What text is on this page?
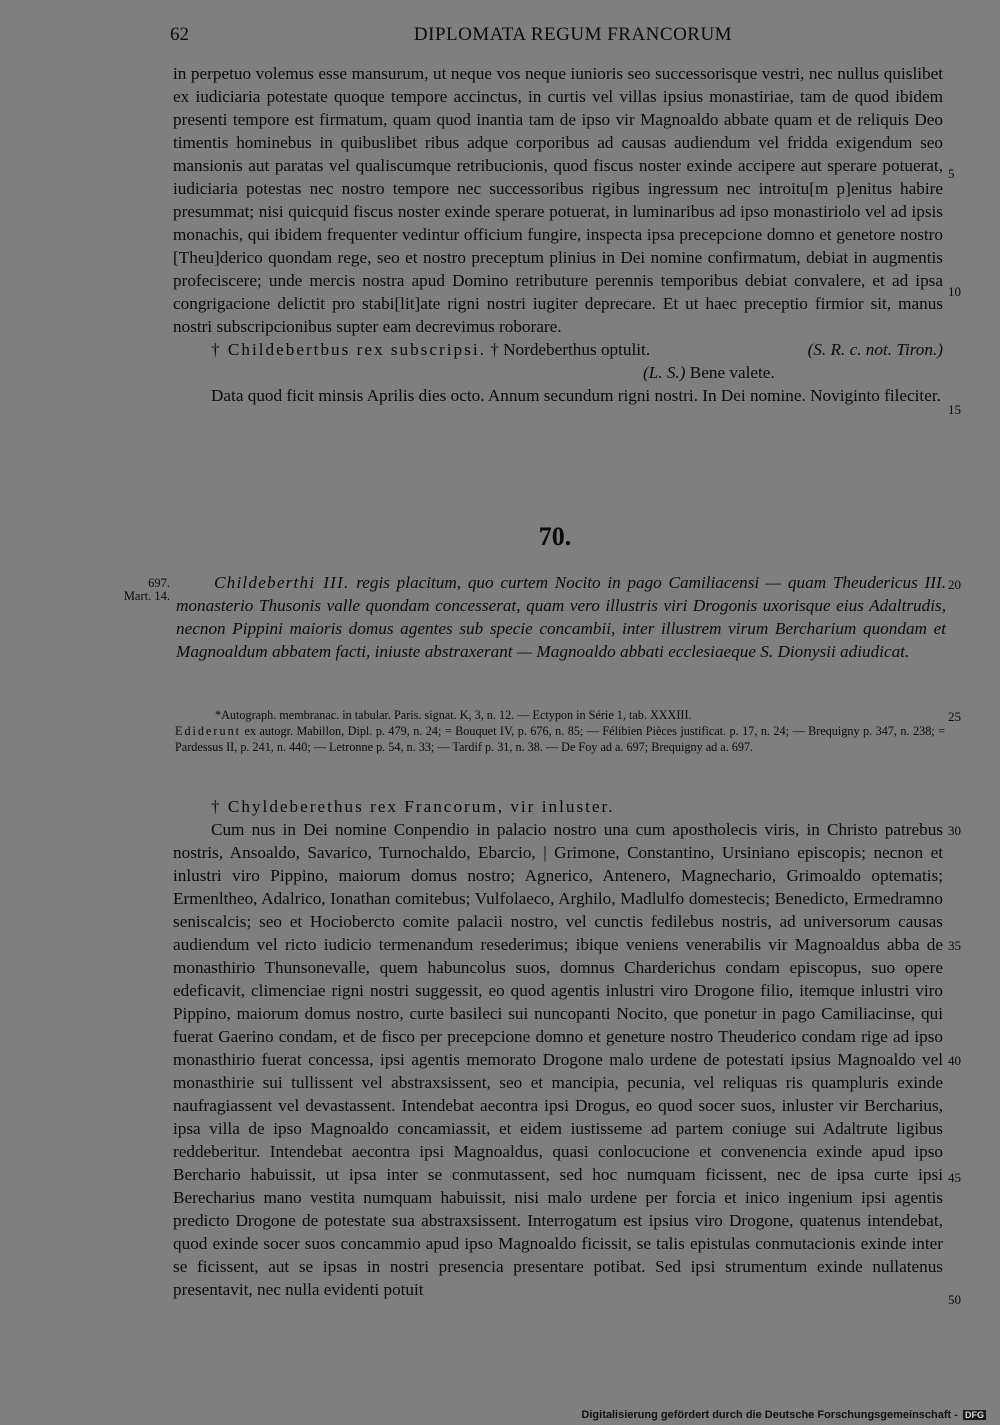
62	DIPLOMATA REGUM FRANCORUM

in perpetuo volemus esse mansurum, ut neque vos neque iunioris seo successorisque vestri, nec nullus quislibet ex iudiciaria potestate quoque tempore accinctus, in curtis vel villas ipsius monastiriae, tam de quod ibidem presenti tempore est firmatum, quam quod inantia tam de ipso vir Magnoaldo abbate quam et de reliquis Deo timentis hominebus in quibuslibet ribus adque corporibus ad causas audiendum vel fridda exigendum seo mansionis aut paratas vel qualiscumque retribucionis, quod fiscus noster exinde accipere aut sperare potuerat, iudiciaria potestas nec nostro tempore nec successoribus rigibus ingressum nec introitu[m p]enitus habire presummat; nisi quicquid fiscus noster exinde sperare potuerat, in luminaribus ad ipso monastiriolo vel ad ipsis monachis, qui ibidem frequenter vedintur officium fungire, inspecta ipsa precepcione domno et genetore nostro [Theu]derico quondam rege, seo et nostro preceptum plinius in Dei nomine confirmatum, debiat in augmentis profeciscere; unde mercis nostra apud Domino retributure perennis temporibus debiat convalere, et ad ipsa congrigacione delictit pro stabi[lit]ate rigni nostri iugiter deprecare. Et ut haec preceptio firmior sit, manus nostri subscripcionibus supter eam decrevimus roborare.

† Childebertbus rex subscripsi. † Nordeberthus optulit.	(S. R. c. not. Tiron.)

(L. S.) Bene valete.

Data quod ficit minsis Aprilis dies octo. Annum secundum rigni nostri. In Dei nomine. Noviginto fileciter.

70.
697.
Mart. 14.
Childeberthi III. regis placitum, quo curtem Nocito in pago Camiliacensi — quam Theudericus III. monasterio Thusonis valle quondam concesserat, quam vero illustris viri Drogonis uxorisque eius Adaltrudis, necnon Pippini maioris domus agentes sub specie concambii, inter illustrem virum Bercharium quondam et Magnoaldum abbatem facti, iniuste abstraxerant — Magnoaldo abbati ecclesiaeque S. Dionysii adiudicat.

*Autograph. membranac. in tabular. Paris. signat. K, 3, n. 12. — Ectypon in Série 1, tab. XXXIII.

Ediderunt ex autogr. Mabillon, Dipl. p. 479, n. 24; = Bouquet IV, p. 676, n. 85; — Félibien Pièces justificat. p. 17, n. 24; — Brequigny p. 347, n. 238; = Pardessus II, p. 241, n. 440; — Letronne p. 54, n. 33; — Tardif p. 31, n. 38. — De Foy ad a. 697; Brequigny ad a. 697.

† Chyldeberethus rex Francorum, vir inluster.

Cum nus in Dei nomine Conpendio in palacio nostro una cum apostholecis viris, in Christo patrebus nostris, Ansoaldo, Savarico, Turnochaldo, Ebarcio, | Grimone, Constantino, Ursiniano episcopis; necnon et inlustri viro Pippino, maiorum domus nostro; Agnerico, Antenero, Magnechario, Grimoaldo optematis; Ermenltheo, Adalrico, Ionathan comitebus; Vulfolaeco, Arghilo, Madlulfo domestecis; Benedicto, Ermedramno seniscalcis; seo et Hociobercto comite palacii nostro, vel cunctis fedilebus nostris, ad universorum causas audiendum vel ricto iudicio termenandum resederimus; ibique veniens venerabilis vir Magnoaldus abba de monasthirio Thunsonevalle, quem habuncolus suos, domnus Charderichus condam episcopus, suo opere edeficavit, climenciae rigni nostri suggessit, eo quod agentis inlustri viro Drogone filio, itemque inlustri viro Pippino, maiorum domus nostro, curte basileci sui nuncopanti Nocito, que ponetur in pago Camiliacinse, qui fuerat Gaerino condam, et de fisco per precepcione domno et geneture nostro Theuderico condam rige ad ipso monasthirio fuerat concessa, ipsi agentis memorato Drogone malo urdene de potestati ipsius Magnoaldo vel monasthirie sui tullissent vel abstraxsissent, seo et mancipia, pecunia, vel reliquas ris quampluris exinde naufragiassent vel devastassent. Intendebat aecontra ipsi Drogus, eo quod socer suos, inluster vir Bercharius, ipsa villa de ipso Magnoaldo concamiassit, et eidem iustisseme ad partem coniuge sui Adaltrute ligibus reddeberitur. Intendebat aecontra ipsi Magnoaldus, quasi conlocucione et convenencia exinde apud ipso Berchario habuissit, ut ipsa inter se conmutassent, sed hoc numquam ficissent, nec de ipsa curte ipsi Berecharius mano vestita numquam habuissit, nisi malo urdene per forcia et inico ingenium ipsi agentis predicto Drogone de potestate sua abstraxsissent. Interrogatum est ipsius viro Drogone, quatenus intendebat, quod exinde socer suos concammio apud ipso Magnoaldo ficissit, se talis epistulas conmutacionis exinde inter se ficissent, aut se ipsas in nostri presencia presentare potibat. Sed ipsi strumentum exinde nullatenus presentavit, nec nulla evidenti potuit

5
10
15
20
25
30
35
40
45
50
Digitalisierung gefördert durch die Deutsche Forschungsgemeinschaft - DFG
